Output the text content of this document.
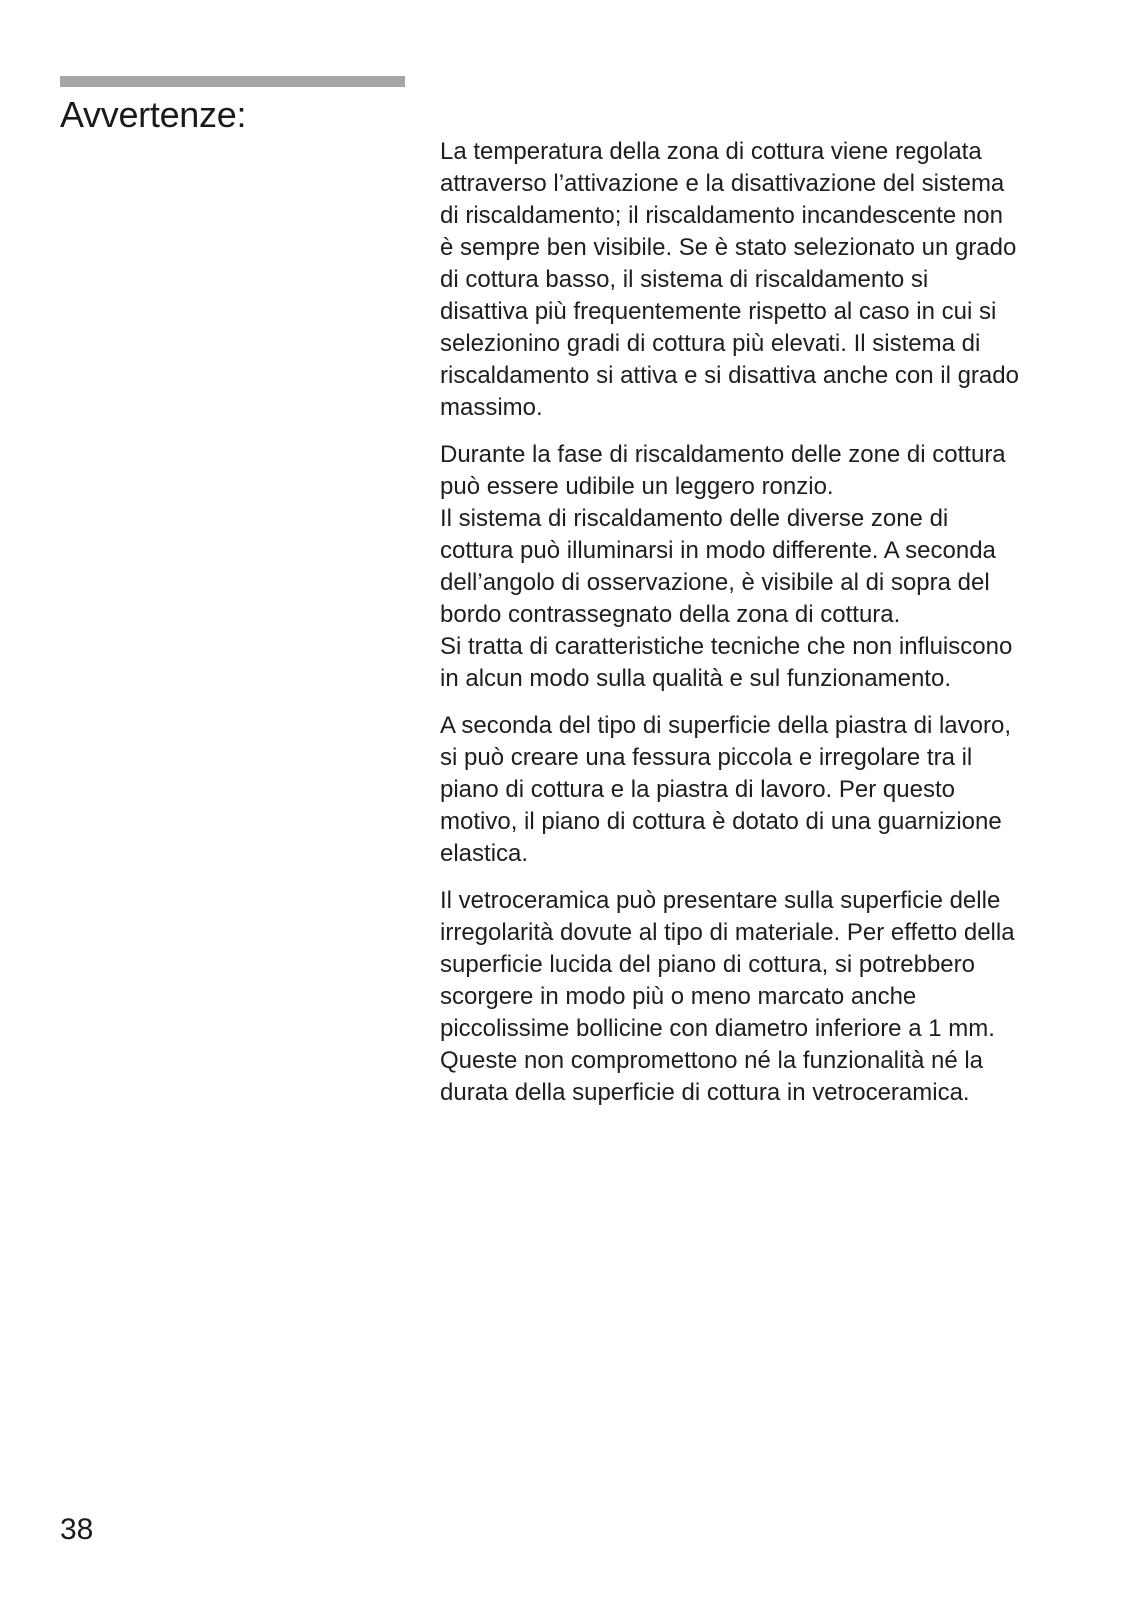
Avvertenze:

La temperatura della zona di cottura viene regolata
attraverso l’attivazione e la disattivazione del sistema
di riscaldamento; il riscaldamento incandescente non
è sempre ben visibile. Se è stato selezionato un grado
di cottura basso, il sistema di riscaldamento si
disattiva più frequentemente rispetto al caso in cui si
selezionino gradi di cottura più elevati. Il sistema di
riscaldamento si attiva e si disattiva anche con il grado
massimo.

Durante la fase di riscaldamento delle zone di cottura
può essere udibile un leggero ronzio.
Il sistema di riscaldamento delle diverse zone di
cottura può illuminarsi in modo differente. A seconda
dell’angolo di osservazione, è visibile al di sopra del
bordo contrassegnato della zona di cottura.
Si tratta di caratteristiche tecniche che non influiscono
in alcun modo sulla qualità e sul funzionamento.

A seconda del tipo di superficie della piastra di lavoro,
si può creare una fessura piccola e irregolare tra il
piano di cottura e la piastra di lavoro. Per questo
motivo, il piano di cottura è dotato di una guarnizione
elastica.

Il vetroceramica può presentare sulla superficie delle
irregolarità dovute al tipo di materiale. Per effetto della
superficie lucida del piano di cottura, si potrebbero
scorgere in modo più o meno marcato anche
piccolissime bollicine con diametro inferiore a 1 mm.
Queste non compromettono né la funzionalità né la
durata della superficie di cottura in vetroceramica.

38
